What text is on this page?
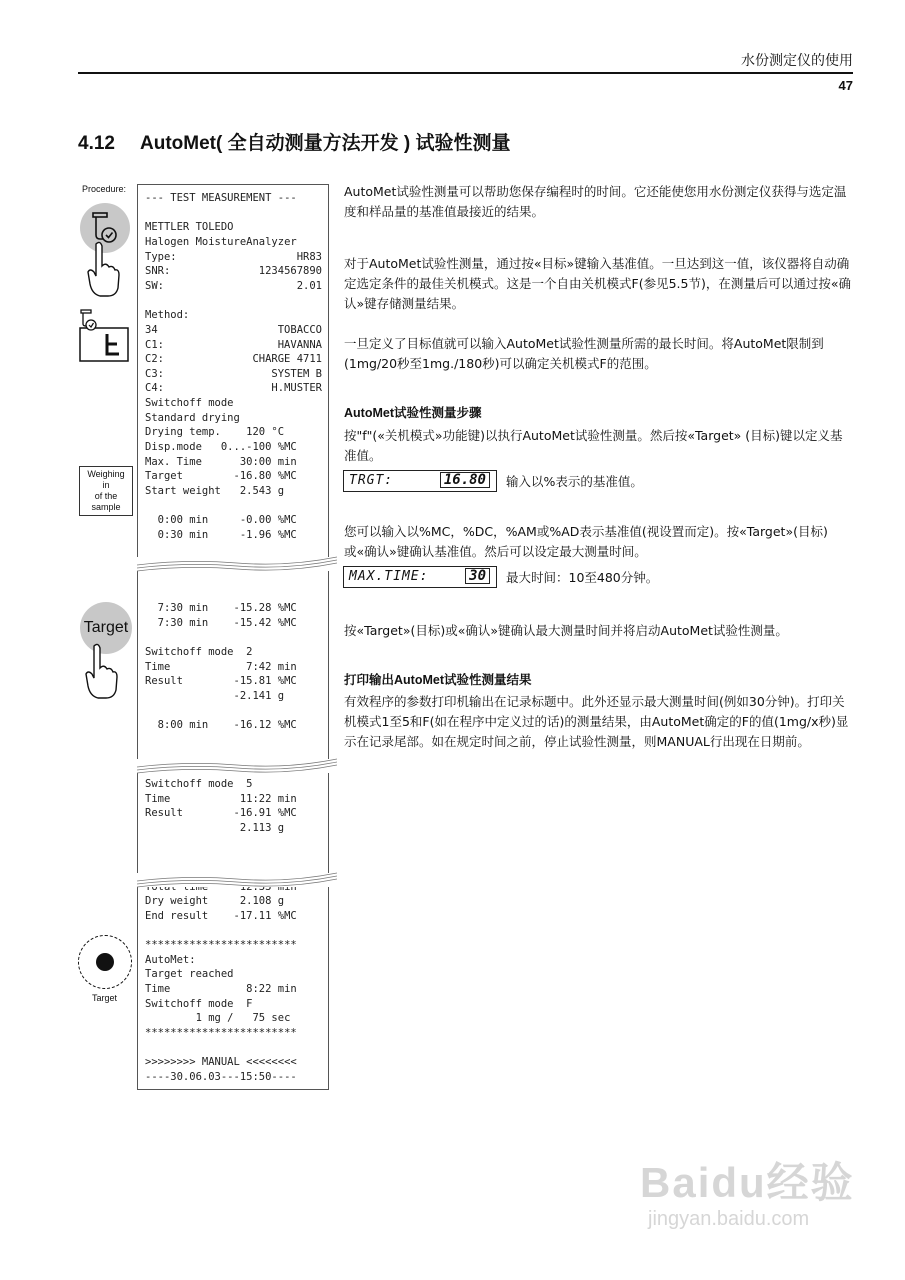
水份测定仪的使用
47
4.12 AutoMet( 全自动测量方法开发 ) 试验性测量
Procedure:
Weighing in
of the sample
Target
Target
--- TEST MEASUREMENT ---
METTLER TOLEDO
Halogen MoistureAnalyzer
Type:	HR83
SNR:	1234567890
SW:	2.01
Method:
34	TOBACCO
C1:	HAVANNA
C2:	CHARGE 4711
C3:	SYSTEM B
C4:	H.MUSTER
Switchoff mode
Standard drying
Drying temp.    120 °C
Disp.mode   0...-100 %MC
Max. Time      30:00 min
Target        -16.80 %MC
Start weight   2.543 g
0:00 min     -0.00 %MC
0:30 min     -1.96 %MC
7:30 min    -15.28 %MC
7:30 min    -15.42 %MC
Switchoff mode  2
Time            7:42 min
Result        -15.81 %MC
-2.141 g
8:00 min    -16.12 %MC
Switchoff mode  5
Time           11:22 min
Result        -16.91 %MC
2.113 g
Dry weight     2.108 g
End result    -17.11 %MC
************************
AutoMet:
Target reached
Time            8:22 min
Switchoff mode  F
1 mg /   75 sec
************************
>>>>>>>> MANUAL <<<<<<<<
----30.06.03---15:50----
AutoMet试验性测量可以帮助您保存编程时的时间。它还能使您用水份测定仪获得与选定温度和样品量的基准值最接近的结果。
对于AutoMet试验性测量，通过按«目标»键输入基准值。一旦达到这一值，该仪器将自动确定选定条件的最佳关机模式。这是一个自由关机模式F(参见5.5节)，在测量后可以通过按«确认»键存储测量结果。
一旦定义了目标值就可以输入AutoMet试验性测量所需的最长时间。将AutoMet限制到(1mg/20秒至1mg./180秒)可以确定关机模式F的范围。
AutoMet试验性测量步骤
按"f"(«关机模式»功能键)以执行AutoMet试验性测量。然后按«Target» (目标)键以定义基准值。
TRGT:	16.80	输入以%表示的基准值。
您可以输入以%MC，%DC，%AM或%AD表示基准值(视设置而定)。按«Target»(目标)或«确认»键确认基准值。然后可以设定最大测量时间。
MAX.TIME:	30	最大时间：10至480分钟。
按«Target»(目标)或«确认»键确认最大测量时间并将启动AutoMet试验性测量。
打印输出AutoMet试验性测量结果
有效程序的参数打印机输出在记录标题中。此外还显示最大测量时间(例如30分钟)。打印关机模式1至5和F(如在程序中定义过的话)的测量结果，由AutoMet确定的F的值(1mg/x秒)显示在记录尾部。如在规定时间之前，停止试验性测量，则MANUAL行出现在日期前。
Baidu经验
jingyan.baidu.com
